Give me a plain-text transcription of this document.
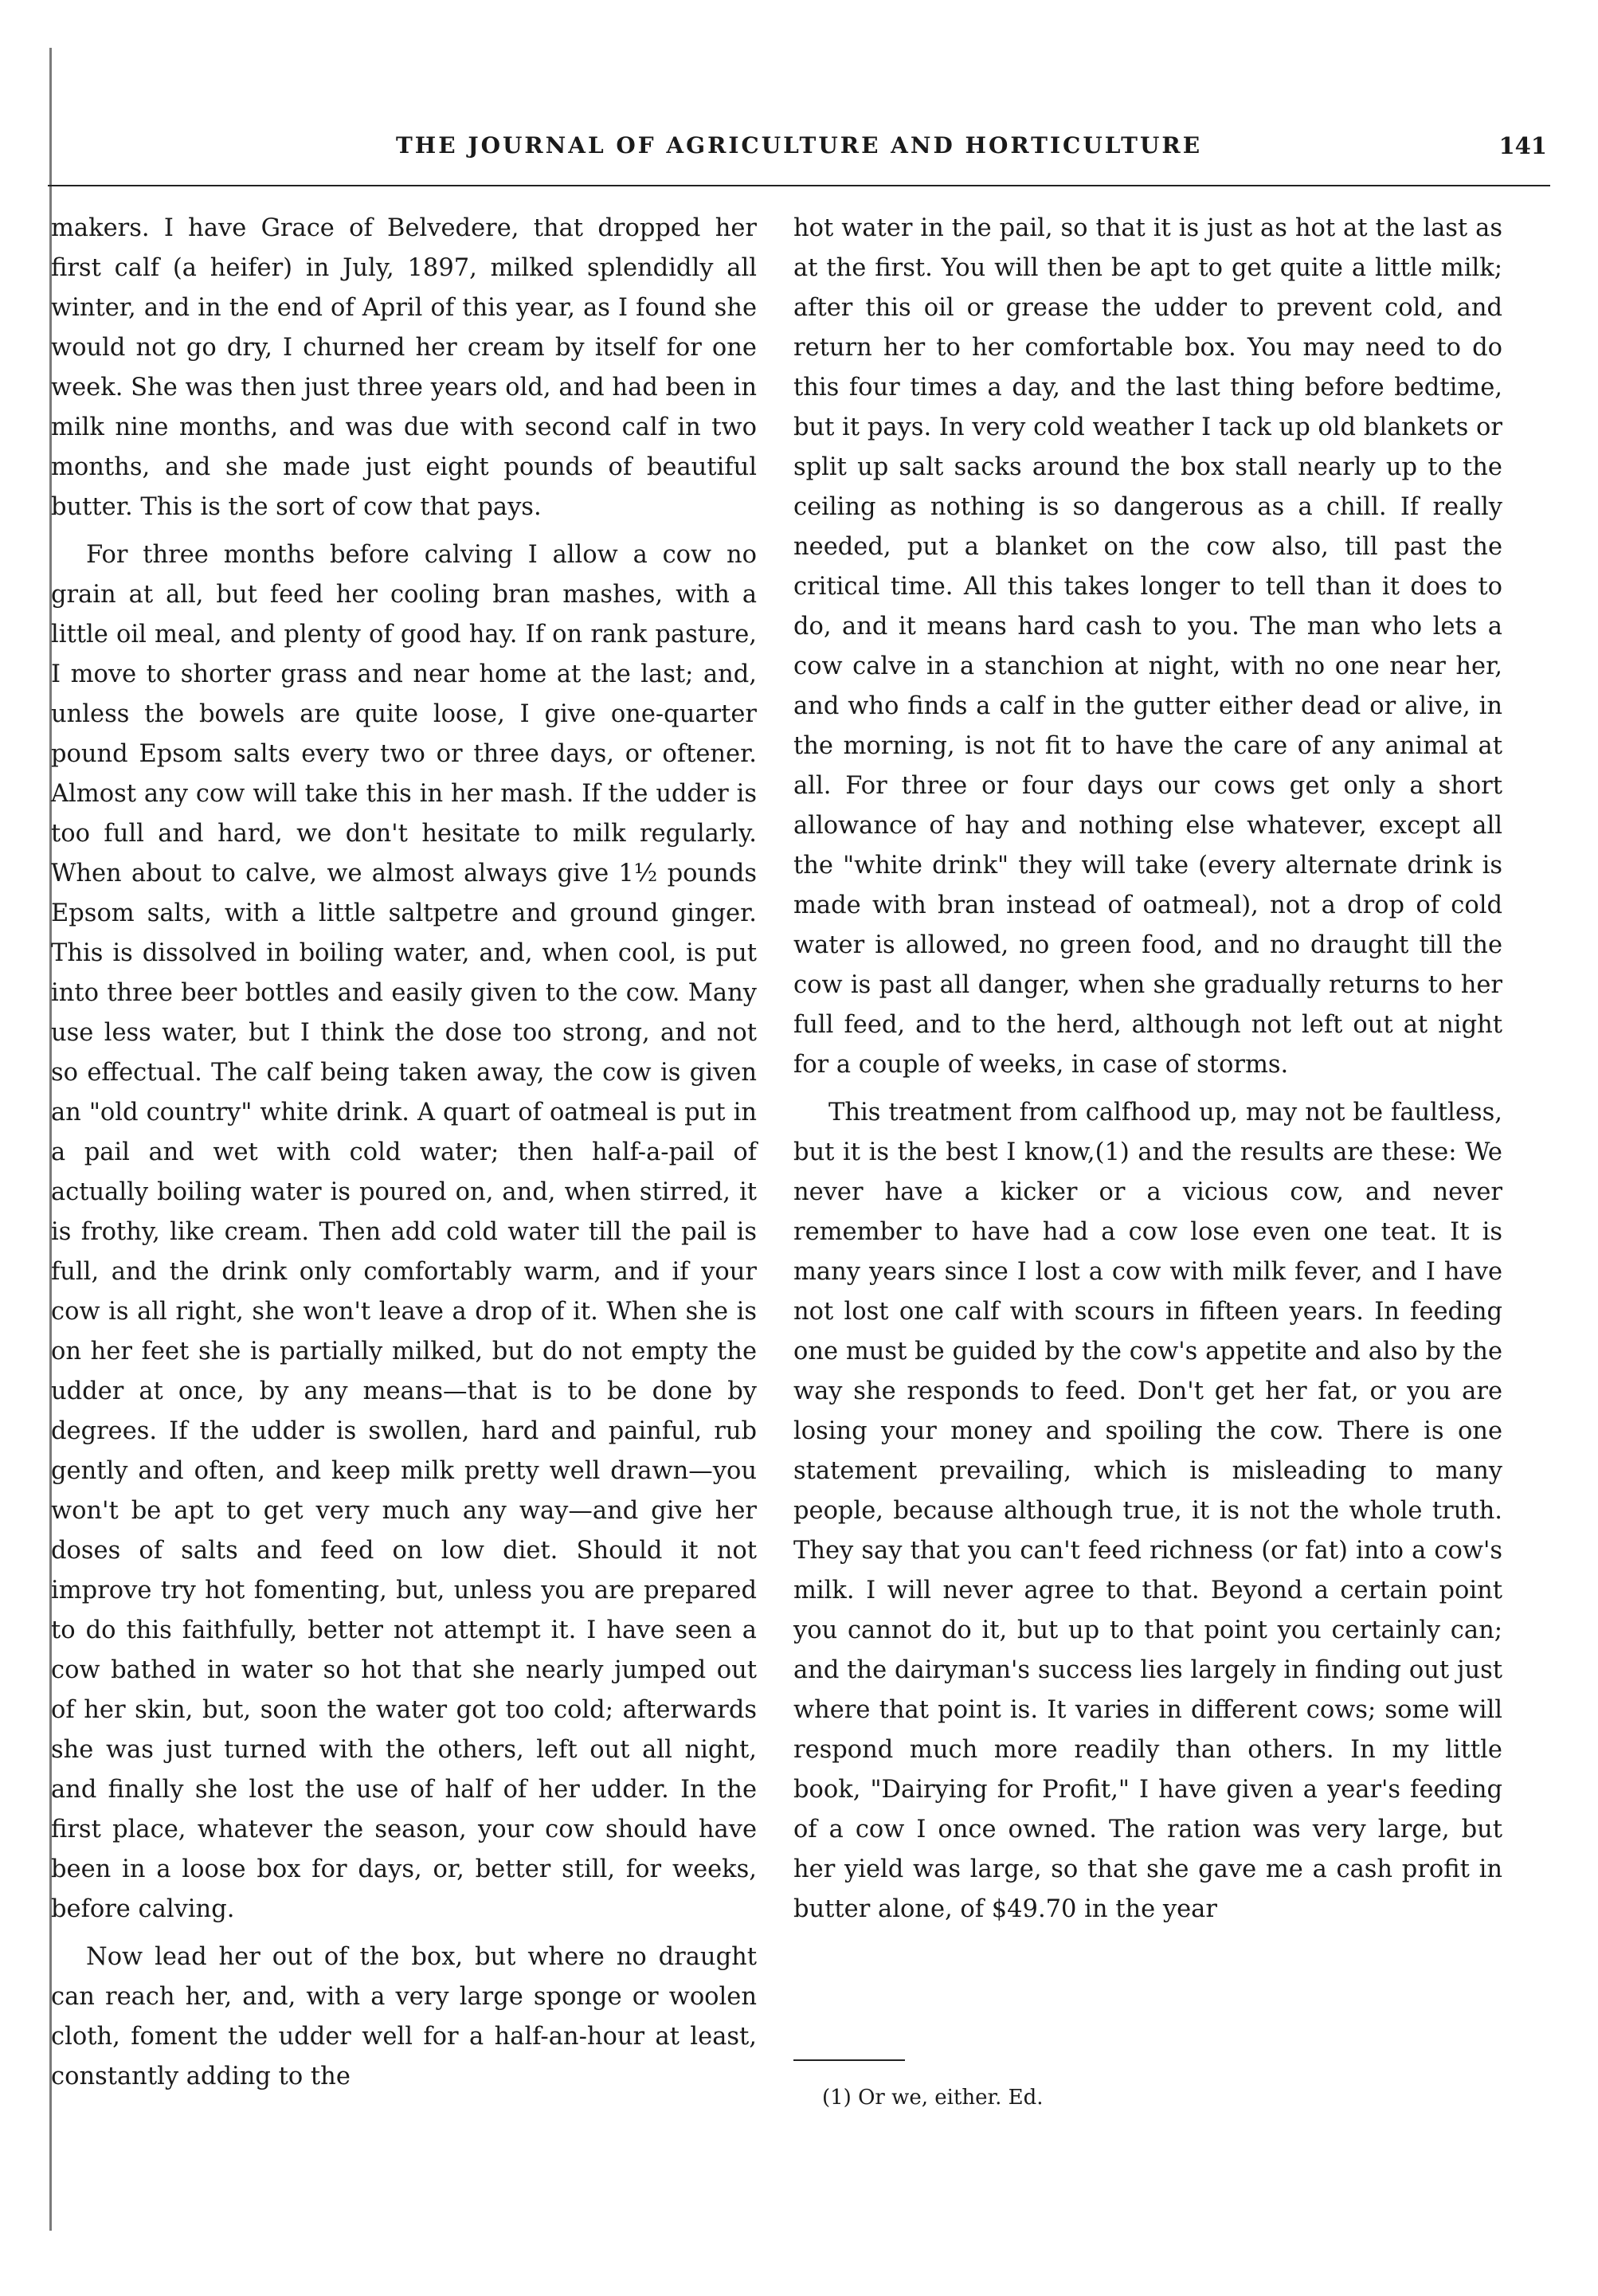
THE JOURNAL OF AGRICULTURE AND HORTICULTURE	141

makers. I have Grace of Belvedere, that dropped her first calf (a heifer) in July, 1897, milked splendidly all winter, and in the end of April of this year, as I found she would not go dry, I churned her cream by itself for one week. She was then just three years old, and had been in milk nine months, and was due with second calf in two months, and she made just eight pounds of beautiful butter. This is the sort of cow that pays.

For three months before calving I allow a cow no grain at all, but feed her cooling bran mashes, with a little oil meal, and plenty of good hay. If on rank pasture, I move to shorter grass and near home at the last; and, unless the bowels are quite loose, I give one-quarter pound Epsom salts every two or three days, or oftener. Almost any cow will take this in her mash. If the udder is too full and hard, we don't hesitate to milk regularly. When about to calve, we almost always give 1½ pounds Epsom salts, with a little saltpetre and ground ginger. This is dissolved in boiling water, and, when cool, is put into three beer bottles and easily given to the cow. Many use less water, but I think the dose too strong, and not so effectual. The calf being taken away, the cow is given an "old country" white drink. A quart of oatmeal is put in a pail and wet with cold water; then half-a-pail of actually boiling water is poured on, and, when stirred, it is frothy, like cream. Then add cold water till the pail is full, and the drink only comfortably warm, and if your cow is all right, she won't leave a drop of it. When she is on her feet she is partially milked, but do not empty the udder at once, by any means—that is to be done by degrees. If the udder is swollen, hard and painful, rub gently and often, and keep milk pretty well drawn—you won't be apt to get very much any way—and give her doses of salts and feed on low diet. Should it not improve try hot fomenting, but, unless you are prepared to do this faithfully, better not attempt it. I have seen a cow bathed in water so hot that she nearly jumped out of her skin, but, soon the water got too cold; afterwards she was just turned with the others, left out all night, and finally she lost the use of half of her udder. In the first place, whatever the season, your cow should have been in a loose box for days, or, better still, for weeks, before calving.

Now lead her out of the box, but where no draught can reach her, and, with a very large sponge or woolen cloth, foment the udder well for a half-an-hour at least, constantly adding to the

hot water in the pail, so that it is just as hot at the last as at the first. You will then be apt to get quite a little milk; after this oil or grease the udder to prevent cold, and return her to her comfortable box. You may need to do this four times a day, and the last thing before bedtime, but it pays. In very cold weather I tack up old blankets or split up salt sacks around the box stall nearly up to the ceiling as nothing is so dangerous as a chill. If really needed, put a blanket on the cow also, till past the critical time. All this takes longer to tell than it does to do, and it means hard cash to you. The man who lets a cow calve in a stanchion at night, with no one near her, and who finds a calf in the gutter either dead or alive, in the morning, is not fit to have the care of any animal at all. For three or four days our cows get only a short allowance of hay and nothing else whatever, except all the "white drink" they will take (every alternate drink is made with bran instead of oatmeal), not a drop of cold water is allowed, no green food, and no draught till the cow is past all danger, when she gradually returns to her full feed, and to the herd, although not left out at night for a couple of weeks, in case of storms.

This treatment from calfhood up, may not be faultless, but it is the best I know,(1) and the results are these: We never have a kicker or a vicious cow, and never remember to have had a cow lose even one teat. It is many years since I lost a cow with milk fever, and I have not lost one calf with scours in fifteen years. In feeding one must be guided by the cow's appetite and also by the way she responds to feed. Don't get her fat, or you are losing your money and spoiling the cow. There is one statement prevailing, which is misleading to many people, because although true, it is not the whole truth. They say that you can't feed richness (or fat) into a cow's milk. I will never agree to that. Beyond a certain point you cannot do it, but up to that point you certainly can; and the dairyman's success lies largely in finding out just where that point is. It varies in different cows; some will respond much more readily than others. In my little book, "Dairying for Profit," I have given a year's feeding of a cow I once owned. The ration was very large, but her yield was large, so that she gave me a cash profit in butter alone, of $49.70 in the year

(1) Or we, either. Ed.
